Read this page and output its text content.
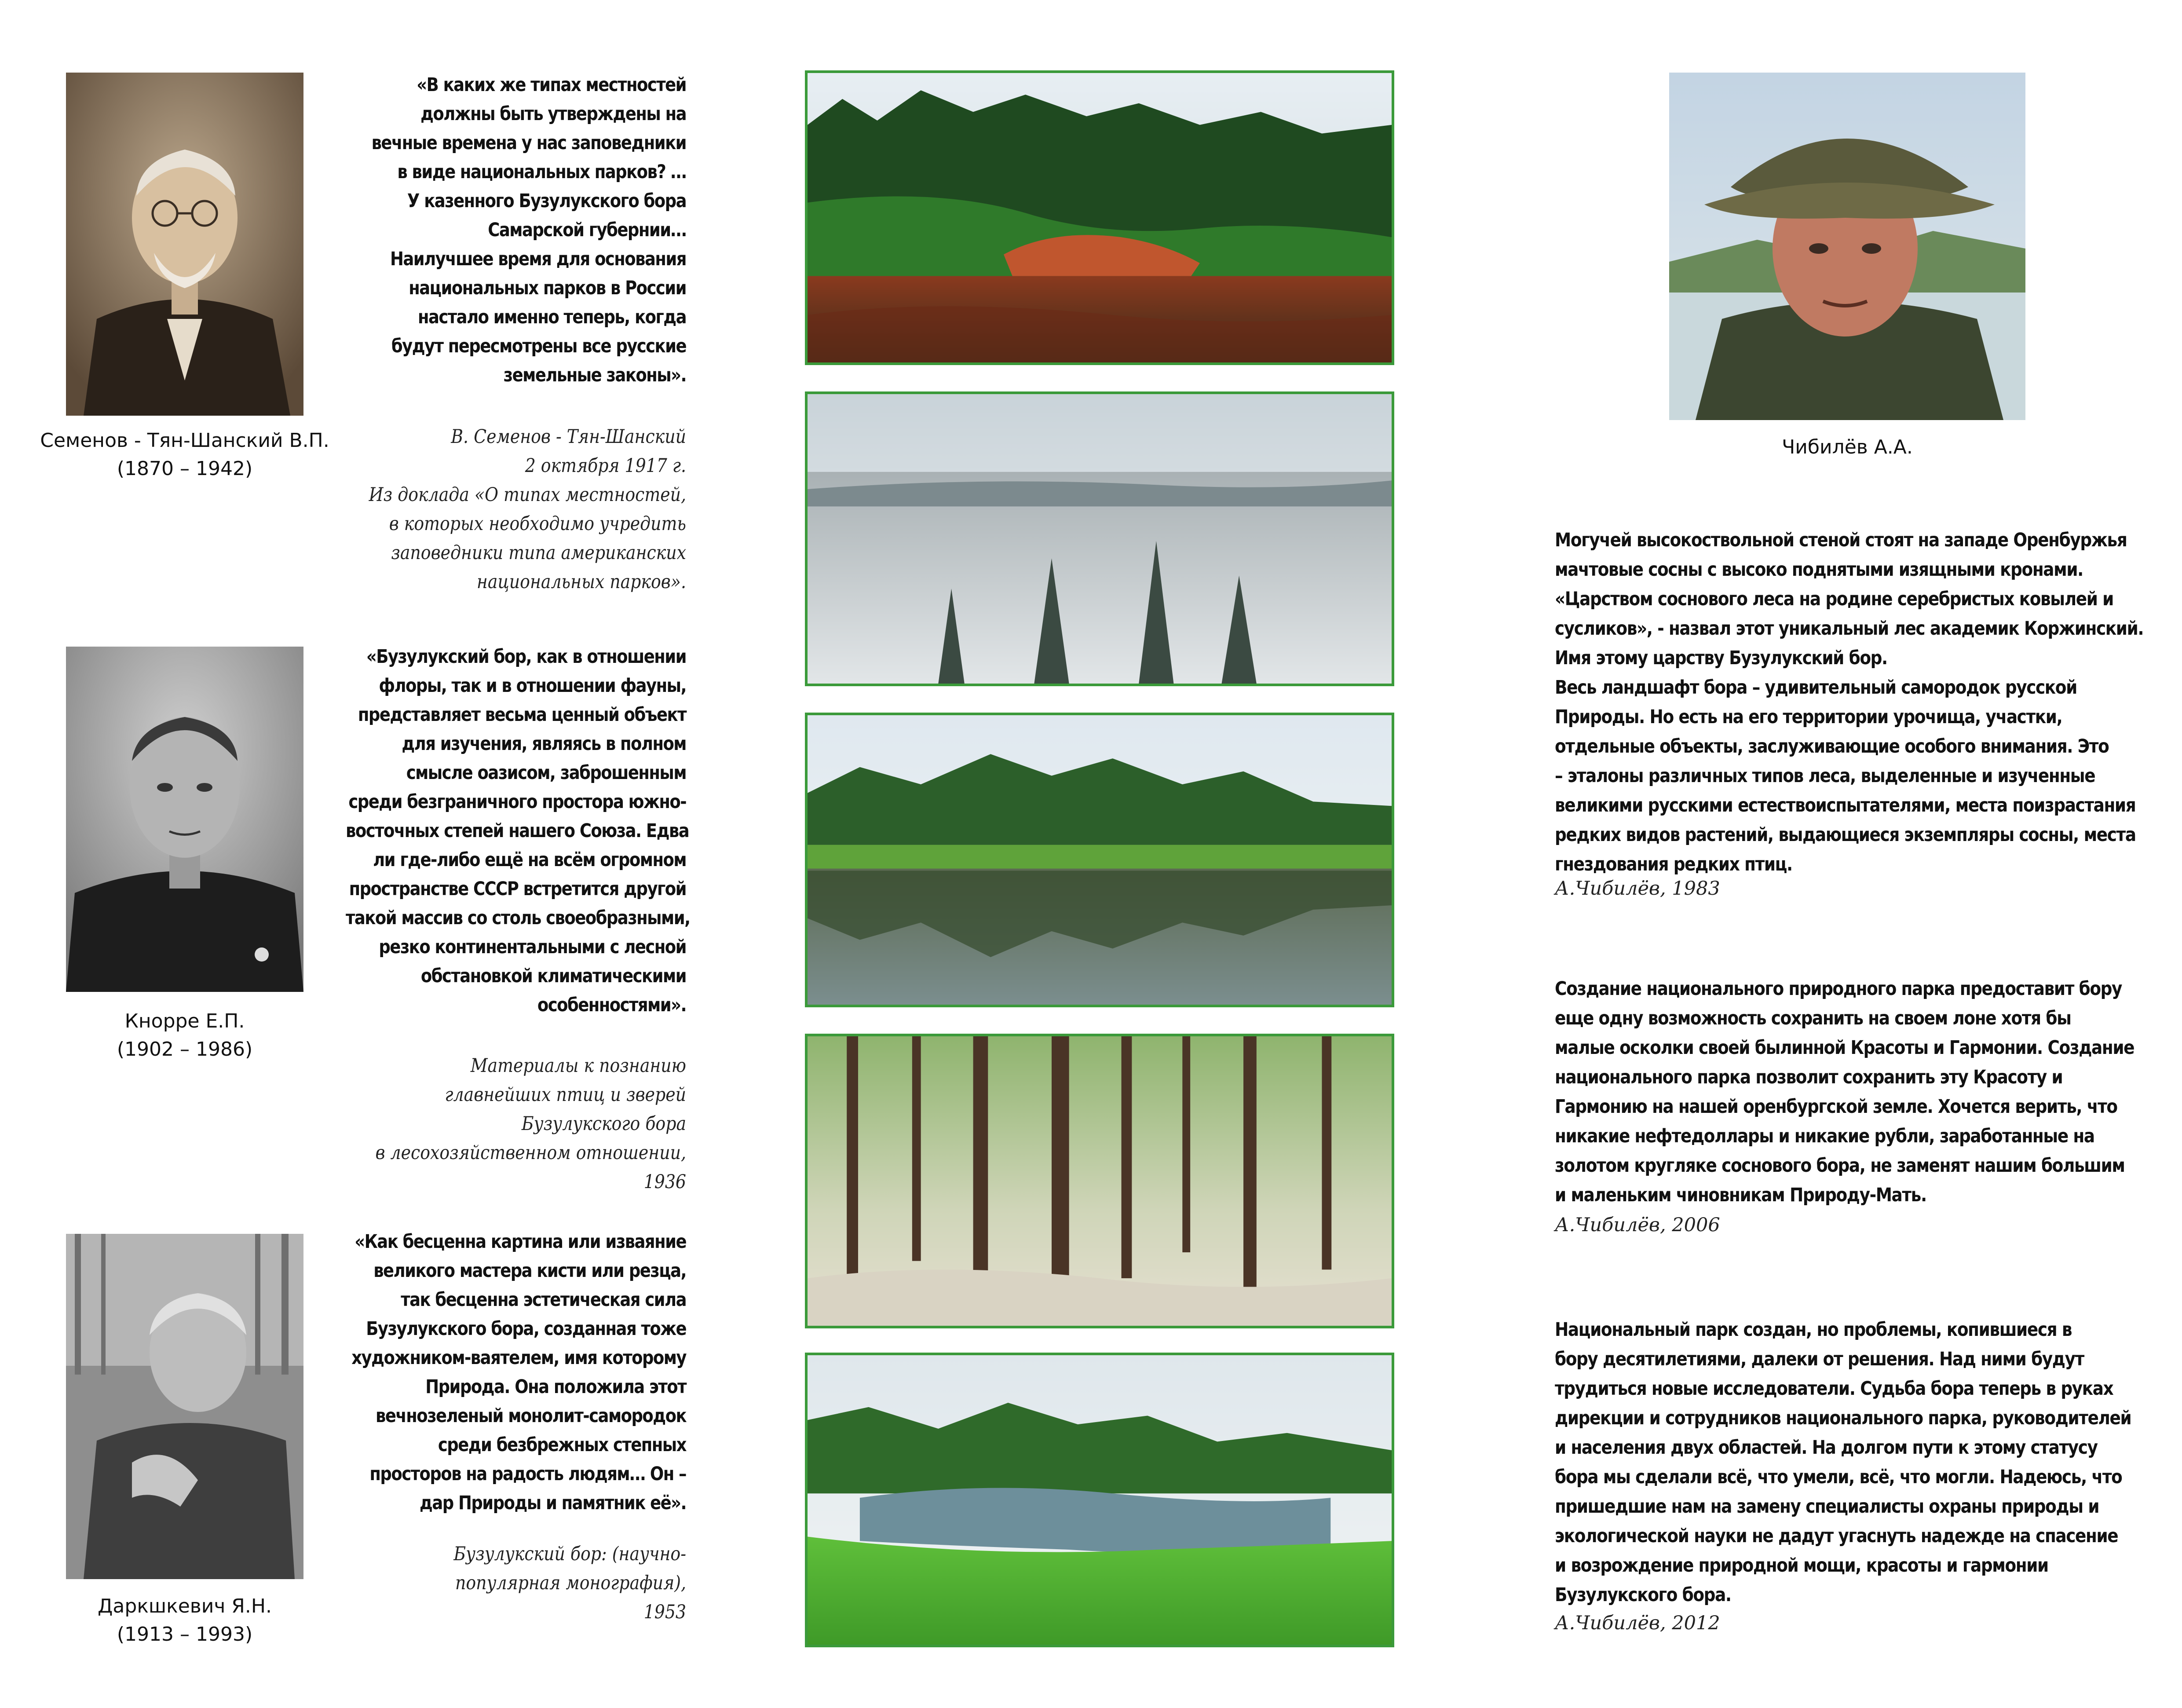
Семенов - Тян-Шанский В.П.
(1870 – 1942)
«В каких же типах местностей
должны быть утверждены на
вечные времена у нас заповедники
в виде национальных парков? …
У казенного Бузулукского бора
Самарской губернии…
Наилучшее время для основания
национальных парков в России
настало именно теперь, когда
будут пересмотрены все русские
земельные законы».
В. Семенов - Тян-Шанский
2 октября 1917 г.
Из доклада «О типах местностей,
в которых необходимо учредить
заповедники типа американских
национальных парков».
Кнорре Е.П.
(1902 – 1986)
«Бузулукский бор, как в отношении
флоры, так и в отношении фауны,
представляет весьма ценный объект
для изучения, являясь в полном
смысле оазисом, заброшенным
среди безграничного простора южно-
восточных степей нашего Союза. Едва
ли где-либо ещё на всём огромном
пространстве СССР встретится другой
такой массив со столь своеобразными,
резко континентальными с лесной
обстановкой климатическими
особенностями».
Материалы к познанию
главнейших птиц и зверей
Бузулукского бора
в лесохозяйственном отношении,
1936
Даркшкевич Я.Н.
(1913 – 1993)
«Как бесценна картина или изваяние
великого мастера кисти или резца,
так бесценна эстетическая сила
Бузулукского бора, созданная тоже
художником-ваятелем, имя которому
Природа. Она положила этот
вечнозеленый монолит-самородок
среди безбрежных степных
просторов на радость людям… Он –
дар Природы и памятник её».
Бузулукский бор: (научно-
популярная монография),
1953
Чибилёв А.А.
Могучей высокоствольной стеной стоят на западе Оренбуржья
мачтовые сосны с высоко поднятыми изящными кронами.
«Царством соснового леса на родине серебристых ковылей и
сусликов», - назвал этот уникальный лес академик Коржинский.
Имя этому царству Бузулукский бор.
Весь ландшафт бора – удивительный самородок русской
Природы. Но есть на его территории урочища, участки,
отдельные объекты, заслуживающие особого внимания. Это
– эталоны различных типов леса, выделенные и изученные
великими русскими естествоиспытателями, места поизрастания
редких видов растений, выдающиеся экземпляры сосны, места
гнездования редких птиц.
А.Чибилёв, 1983
Создание национального природного парка предоставит бору
еще одну возможность сохранить на своем лоне хотя бы
малые осколки своей былинной Красоты и Гармонии. Создание
национального парка позволит сохранить эту Красоту и
Гармонию на нашей оренбургской земле. Хочется верить, что
никакие нефтедоллары и никакие рубли, заработанные на
золотом кругляке соснового бора, не заменят нашим большим
и маленьким чиновникам Природу-Мать.
А.Чибилёв, 2006
Национальный парк создан, но проблемы, копившиеся в
бору десятилетиями, далеки от решения. Над ними будут
трудиться новые исследователи. Судьба бора теперь в руках
дирекции и сотрудников национального парка, руководителей
и населения двух областей. На долгом пути к этому статусу
бора мы сделали всё, что умели, всё, что могли. Надеюсь, что
пришедшие нам на замену специалисты охраны природы и
экологической науки не дадут угаснуть надежде на спасение
и возрождение природной мощи, красоты и гармонии
Бузулукского бора.
А.Чибилёв, 2012
